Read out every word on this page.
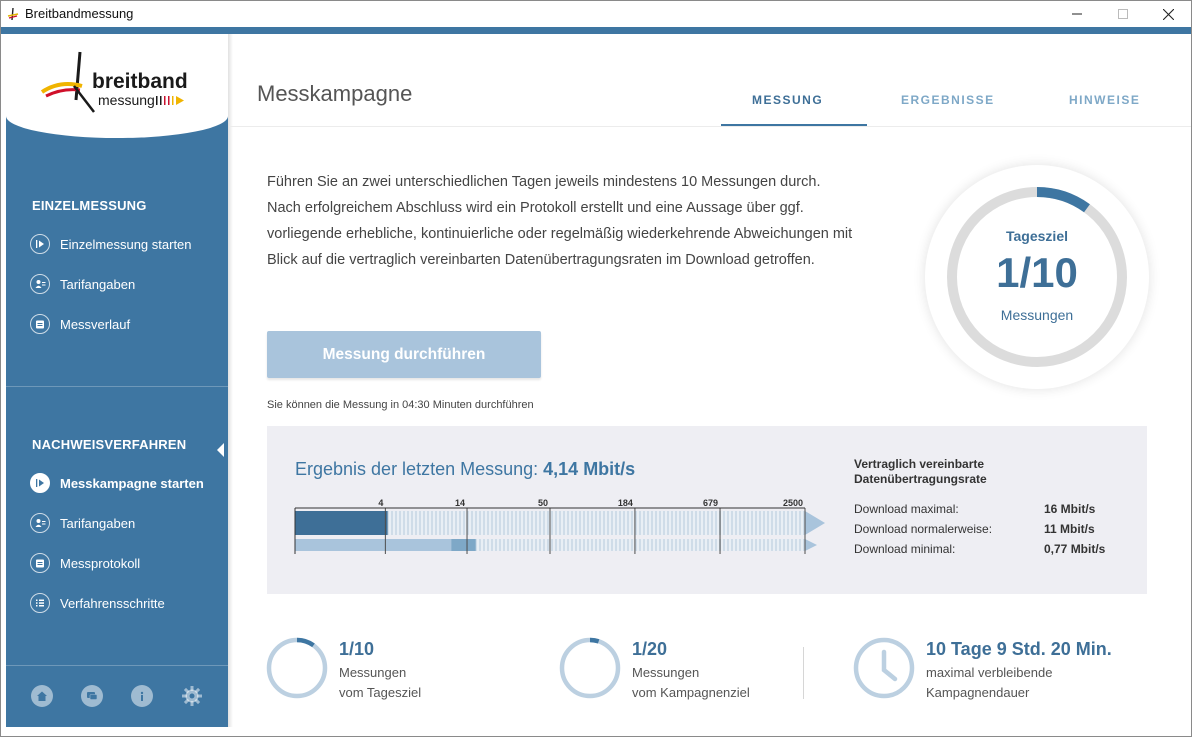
Breitbandmessung
breitband
messung
EINZELMESSUNG
Einzelmessung starten
Tarifangaben
Messverlauf
NACHWEISVERFAHREN
Messkampagne starten
Tarifangaben
Messprotokoll
Verfahrensschritte
Messkampagne	MESSUNG	ERGEBNISSE	HINWEISE
Führen Sie an zwei unterschiedlichen Tagen jeweils mindestens 10 Messungen durch. Nach erfolgreichem Abschluss wird ein Protokoll erstellt und eine Aussage über ggf. vorliegende erhebliche, kontinuierliche oder regelmäßig wiederkehrende Abweichungen mit Blick auf die vertraglich vereinbarten Datenübertragungsraten im Download getroffen.
Messung durchführen
Sie können die Messung in 04:30 Minuten durchführen
Tagesziel
1/10
Messungen
Ergebnis der letzten Messung: 4,14 Mbit/s
4	14	50	184	679	2500
Vertraglich vereinbarte
Datenübertragungsrate
Download maximal:	16 Mbit/s
Download normalerweise:	11 Mbit/s
Download minimal:	0,77 Mbit/s
1/10
Messungen
vom Tagesziel
1/20
Messungen
vom Kampagnenziel
10 Tage 9 Std. 20 Min.
maximal verbleibende
Kampagnendauer
